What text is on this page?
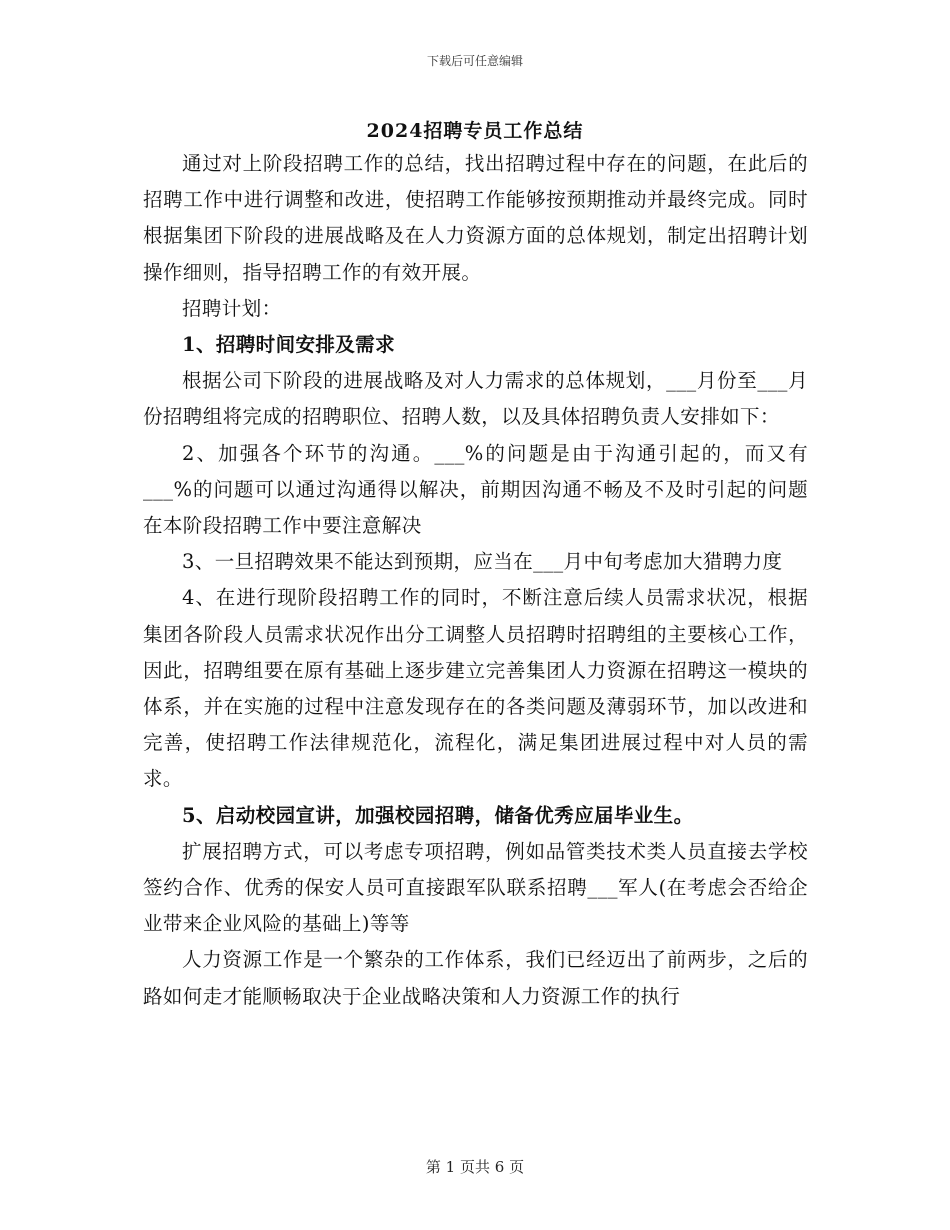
下载后可任意编辑
2024招聘专员工作总结

通过对上阶段招聘工作的总结，找出招聘过程中存在的问题，在此后的招聘工作中进行调整和改进，使招聘工作能够按预期推动并最终完成。同时根据集团下阶段的进展战略及在人力资源方面的总体规划，制定出招聘计划操作细则，指导招聘工作的有效开展。

招聘计划：

1、招聘时间安排及需求

根据公司下阶段的进展战略及对人力需求的总体规划，___月份至___月份招聘组将完成的招聘职位、招聘人数，以及具体招聘负责人安排如下：

2、加强各个环节的沟通。___%的问题是由于沟通引起的，而又有___%的问题可以通过沟通得以解决，前期因沟通不畅及不及时引起的问题在本阶段招聘工作中要注意解决

3、一旦招聘效果不能达到预期，应当在___月中旬考虑加大猎聘力度

4、在进行现阶段招聘工作的同时，不断注意后续人员需求状况，根据集团各阶段人员需求状况作出分工调整人员招聘时招聘组的主要核心工作，因此，招聘组要在原有基础上逐步建立完善集团人力资源在招聘这一模块的体系，并在实施的过程中注意发现存在的各类问题及薄弱环节，加以改进和完善，使招聘工作法律规范化，流程化，满足集团进展过程中对人员的需求。

5、启动校园宣讲，加强校园招聘，储备优秀应届毕业生。

扩展招聘方式，可以考虑专项招聘，例如品管类技术类人员直接去学校签约合作、优秀的保安人员可直接跟军队联系招聘___军人(在考虑会否给企业带来企业风险的基础上)等等

人力资源工作是一个繁杂的工作体系，我们已经迈出了前两步，之后的路如何走才能顺畅取决于企业战略决策和人力资源工作的执行

第 1 页共 6 页
